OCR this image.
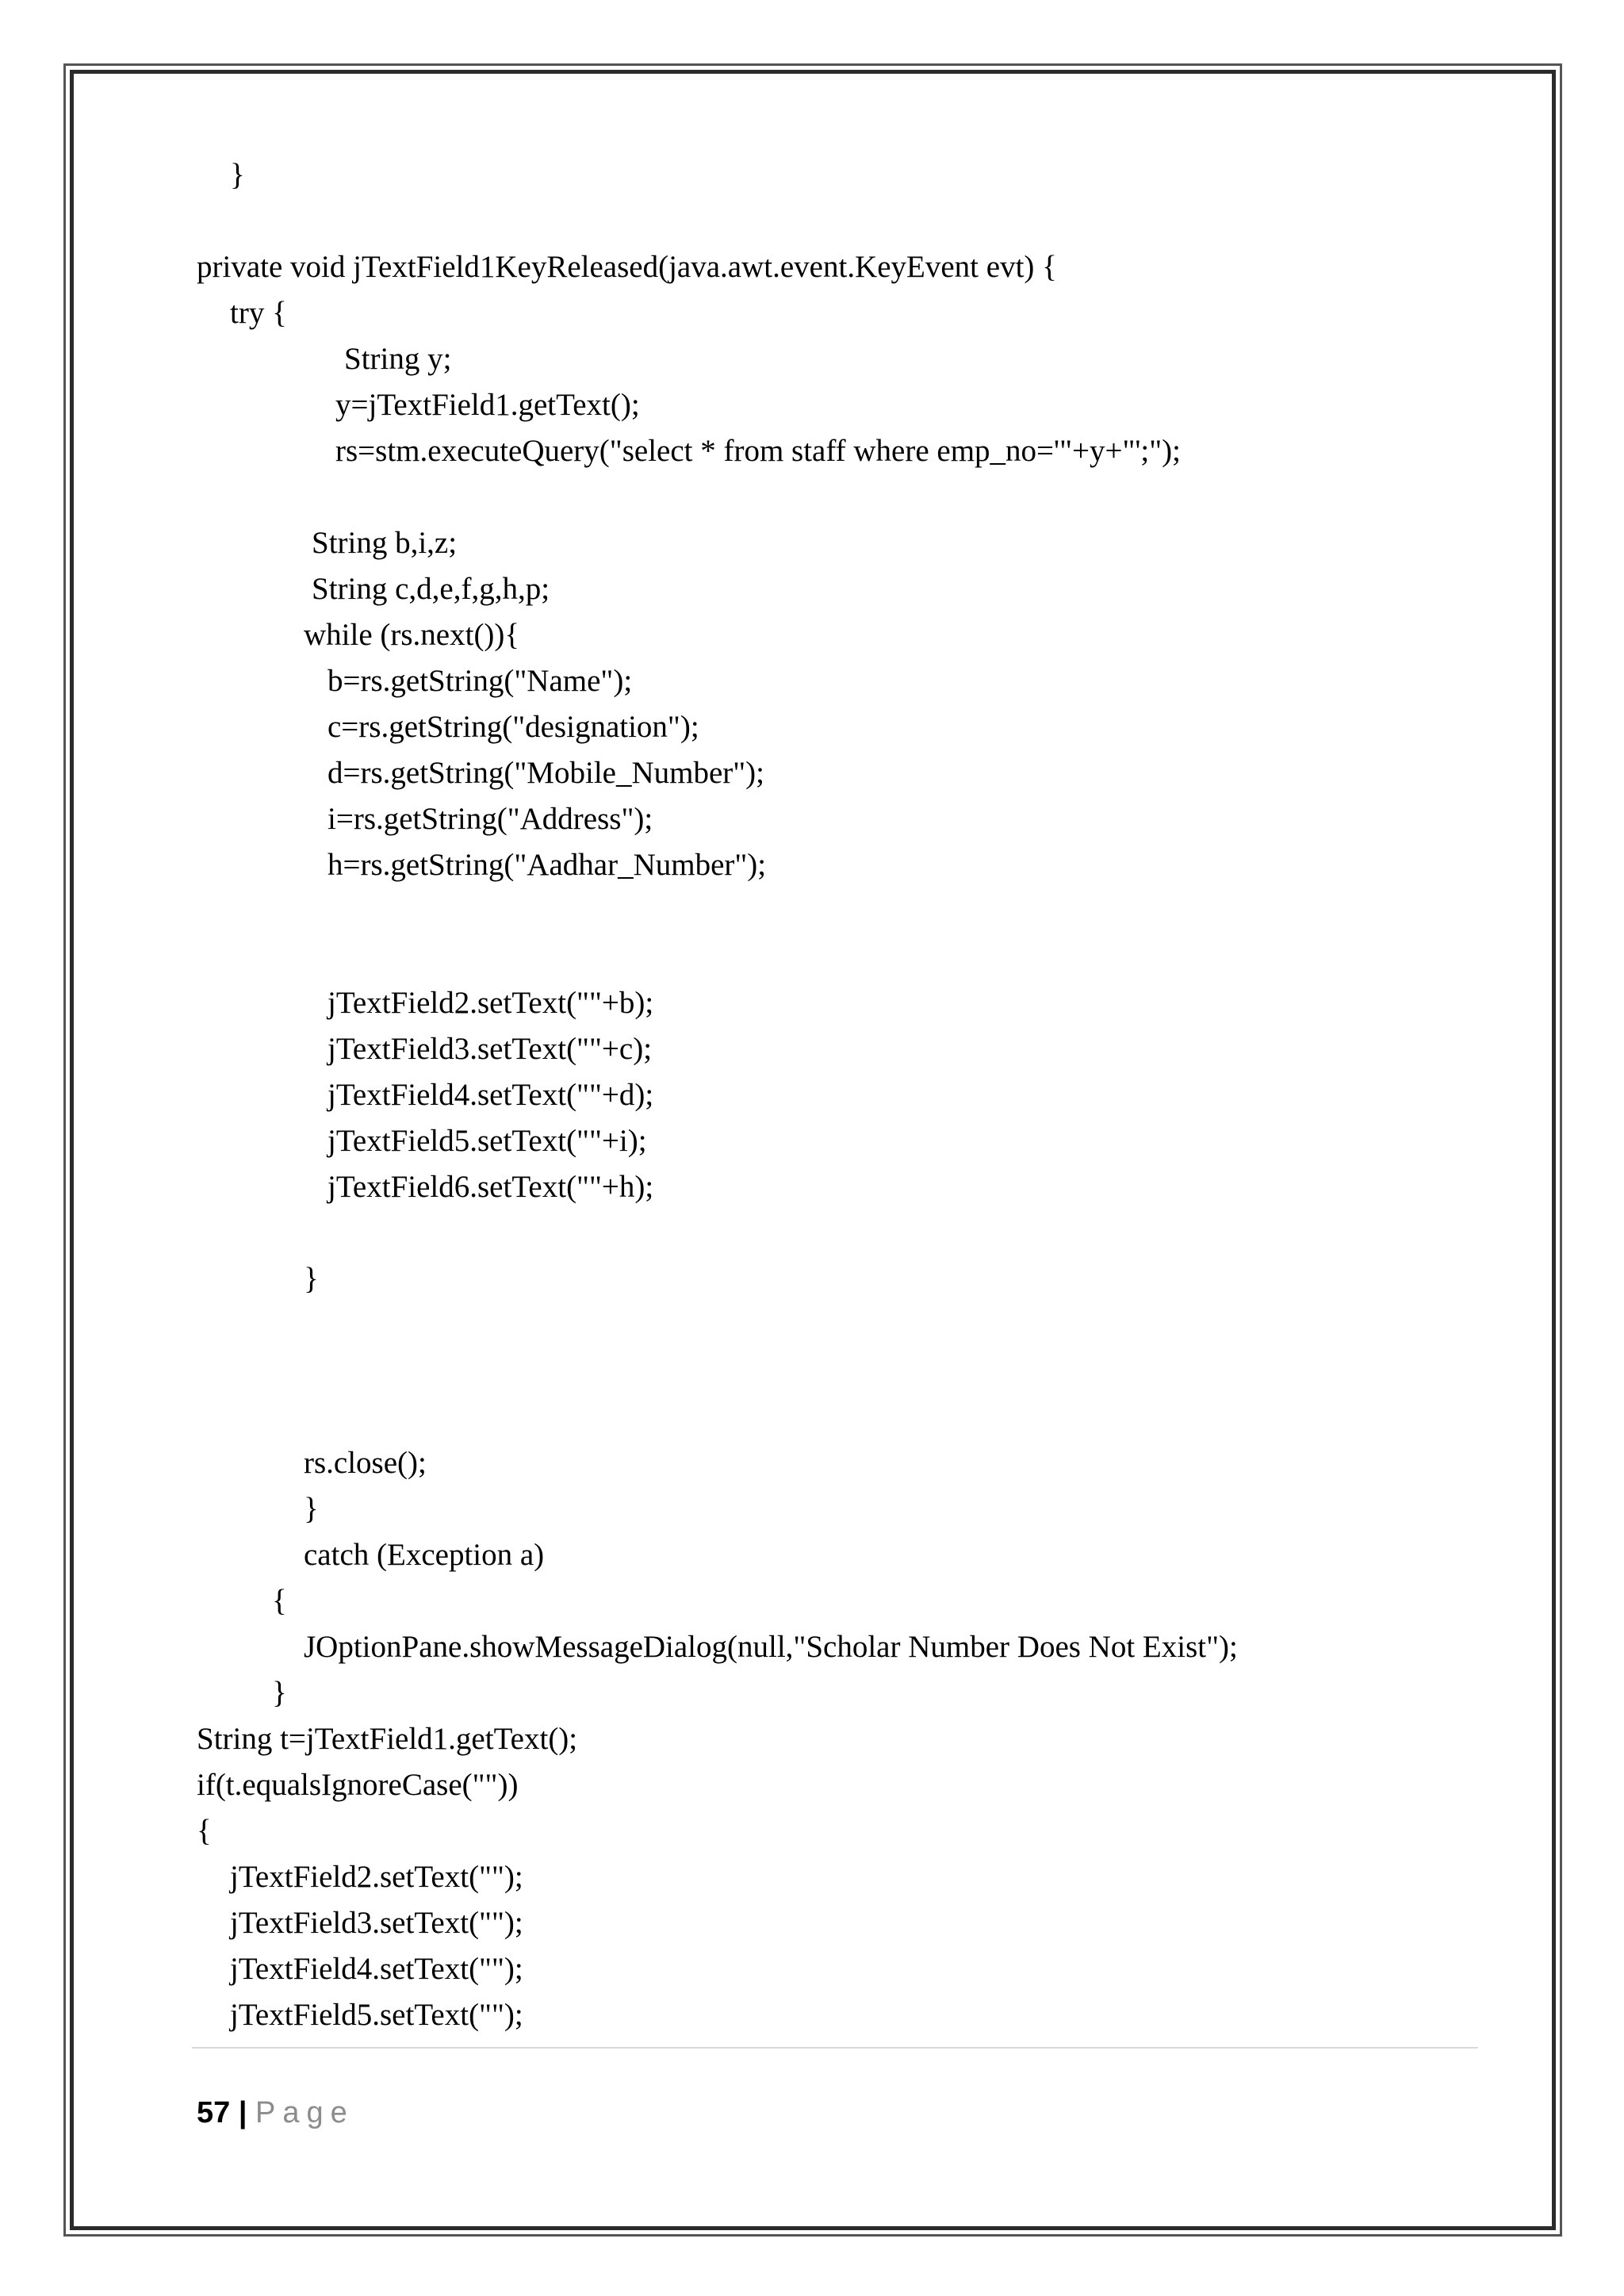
}
private void jTextField1KeyReleased(java.awt.event.KeyEvent evt) {
try {
String y;
y=jTextField1.getText();
rs=stm.executeQuery("select * from staff where emp_no='"+y+"';");
String b,i,z;
String c,d,e,f,g,h,p;
while (rs.next()){
b=rs.getString("Name");
c=rs.getString("designation");
d=rs.getString("Mobile_Number");
i=rs.getString("Address");
h=rs.getString("Aadhar_Number");
jTextField2.setText(""+b);
jTextField3.setText(""+c);
jTextField4.setText(""+d);
jTextField5.setText(""+i);
jTextField6.setText(""+h);
}
rs.close();
}
catch (Exception a)
{
JOptionPane.showMessageDialog(null,"Scholar Number Does Not Exist");
}
String t=jTextField1.getText();
if(t.equalsIgnoreCase(""))
{
jTextField2.setText("");
jTextField3.setText("");
jTextField4.setText("");
jTextField5.setText("");
57 | Page
